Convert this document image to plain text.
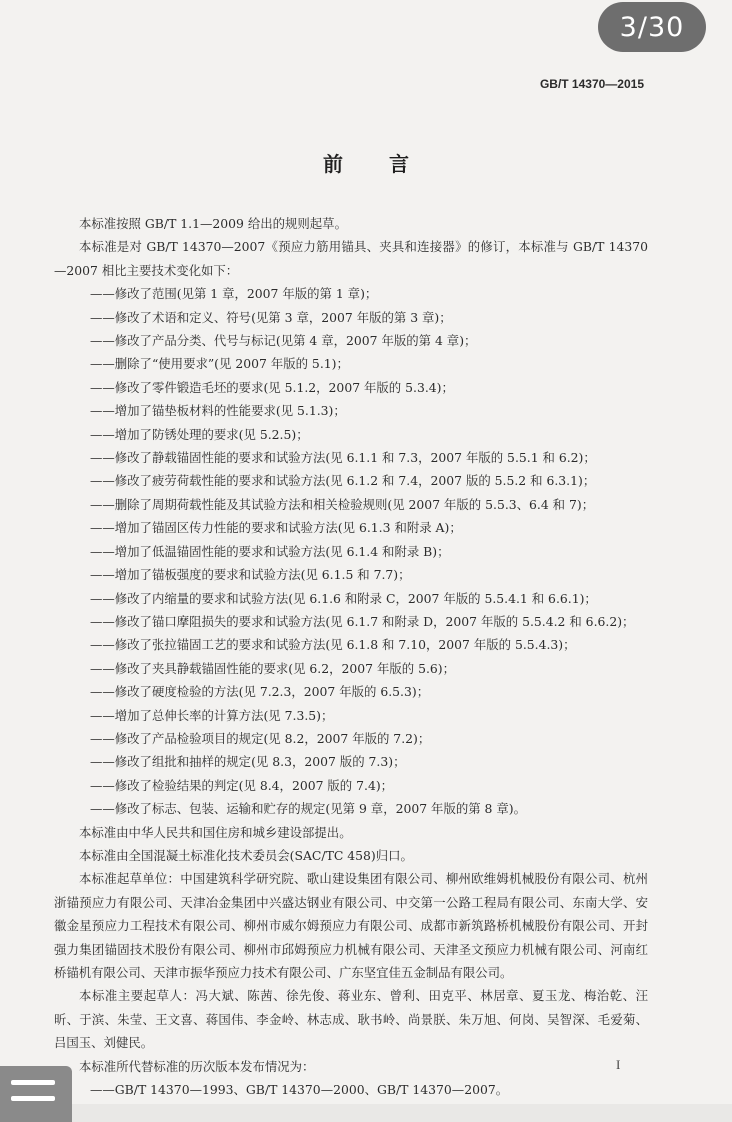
3/30
GB/T 14370—2015
前言

本标准按照 GB/T 1.1—2009 给出的规则起草。

本标准是对 GB/T 14370—2007《预应力筋用锚具、夹具和连接器》的修订，本标准与 GB/T 14370—2007 相比主要技术变化如下：

——修改了范围(见第 1 章，2007 年版的第 1 章)；

——修改了术语和定义、符号(见第 3 章，2007 年版的第 3 章)；

——修改了产品分类、代号与标记(见第 4 章，2007 年版的第 4 章)；

——删除了“使用要求”(见 2007 年版的 5.1)；

——修改了零件锻造毛坯的要求(见 5.1.2，2007 年版的 5.3.4)；

——增加了锚垫板材料的性能要求(见 5.1.3)；

——增加了防锈处理的要求(见 5.2.5)；

——修改了静载锚固性能的要求和试验方法(见 6.1.1 和 7.3，2007 年版的 5.5.1 和 6.2)；

——修改了疲劳荷载性能的要求和试验方法(见 6.1.2 和 7.4，2007 版的 5.5.2 和 6.3.1)；

——删除了周期荷载性能及其试验方法和相关检验规则(见 2007 年版的 5.5.3、6.4 和 7)；

——增加了锚固区传力性能的要求和试验方法(见 6.1.3 和附录 A)；

——增加了低温锚固性能的要求和试验方法(见 6.1.4 和附录 B)；

——增加了锚板强度的要求和试验方法(见 6.1.5 和 7.7)；

——修改了内缩量的要求和试验方法(见 6.1.6 和附录 C，2007 年版的 5.5.4.1 和 6.6.1)；

——修改了锚口摩阻损失的要求和试验方法(见 6.1.7 和附录 D，2007 年版的 5.5.4.2 和 6.6.2)；

——修改了张拉锚固工艺的要求和试验方法(见 6.1.8 和 7.10，2007 年版的 5.5.4.3)；

——修改了夹具静载锚固性能的要求(见 6.2，2007 年版的 5.6)；

——修改了硬度检验的方法(见 7.2.3，2007 年版的 6.5.3)；

——增加了总伸长率的计算方法(见 7.3.5)；

——修改了产品检验项目的规定(见 8.2，2007 年版的 7.2)；

——修改了组批和抽样的规定(见 8.3，2007 版的 7.3)；

——修改了检验结果的判定(见 8.4，2007 版的 7.4)；

——修改了标志、包装、运输和贮存的规定(见第 9 章，2007 年版的第 8 章)。

本标准由中华人民共和国住房和城乡建设部提出。

本标准由全国混凝土标准化技术委员会(SAC/TC 458)归口。

本标准起草单位：中国建筑科学研究院、歌山建设集团有限公司、柳州欧维姆机械股份有限公司、杭州浙锚预应力有限公司、天津冶金集团中兴盛达钢业有限公司、中交第一公路工程局有限公司、东南大学、安徽金星预应力工程技术有限公司、柳州市威尔姆预应力有限公司、成都市新筑路桥机械股份有限公司、开封强力集团锚固技术股份有限公司、柳州市邱姆预应力机械有限公司、天津圣文预应力机械有限公司、河南红桥锚机有限公司、天津市振华预应力技术有限公司、广东坚宜佳五金制品有限公司。

本标准主要起草人：冯大斌、陈茜、徐先俊、蒋业东、曾利、田克平、林居章、夏玉龙、梅治乾、汪昕、于滨、朱莹、王文喜、蒋国伟、李金岭、林志成、耿书岭、尚景朕、朱万旭、何岗、吴智深、毛爱菊、吕国玉、刘健民。

本标准所代替标准的历次版本发布情况为：

——GB/T 14370—1993、GB/T 14370—2000、GB/T 14370—2007。

I
